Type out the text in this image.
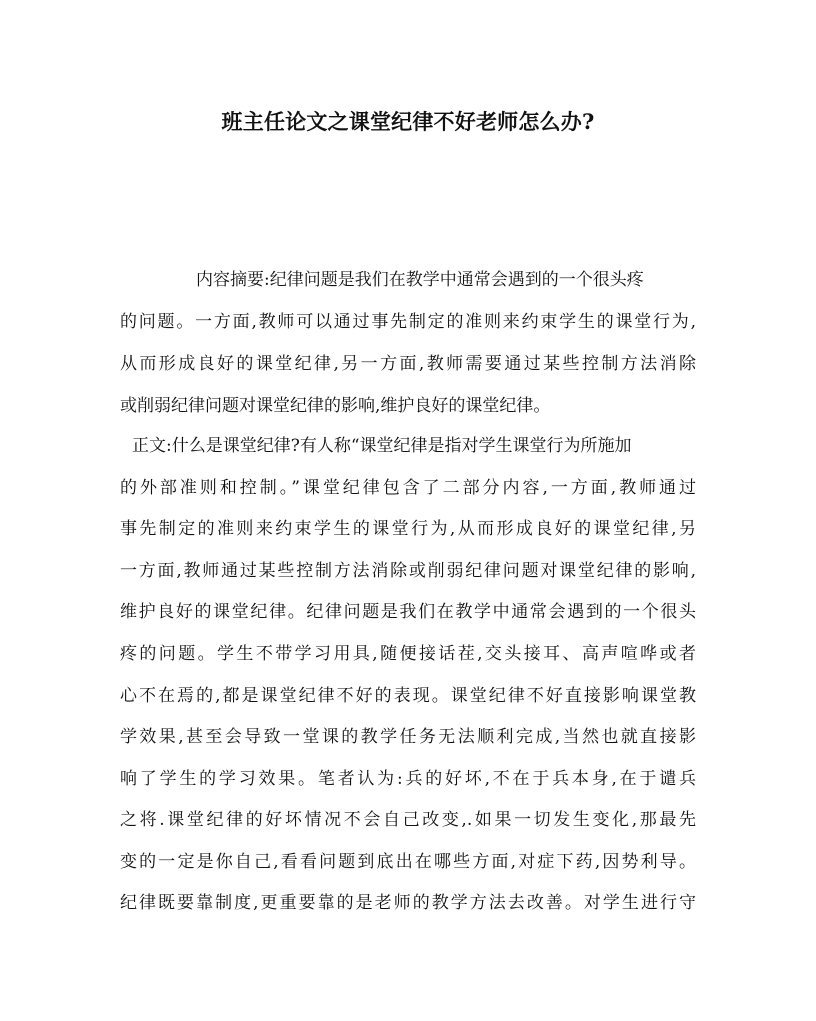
班主任论文之课堂纪律不好老师怎么办?
内容摘要:纪律问题是我们在教学中通常会遇到的一个很头疼
的问题。一方面,教师可以通过事先制定的准则来约束学生的课堂行为,
从而形成良好的课堂纪律,另一方面,教师需要通过某些控制方法消除
或削弱纪律问题对课堂纪律的影响,维护良好的课堂纪律。
正文:什么是课堂纪律?有人称“课堂纪律是指对学生课堂行为所施加
的外部准则和控制。”课堂纪律包含了二部分内容,一方面,教师通过
事先制定的准则来约束学生的课堂行为,从而形成良好的课堂纪律,另
一方面,教师通过某些控制方法消除或削弱纪律问题对课堂纪律的影响,
维护良好的课堂纪律。纪律问题是我们在教学中通常会遇到的一个很头
疼的问题。学生不带学习用具,随便接话茬,交头接耳、高声喧哗或者
心不在焉的,都是课堂纪律不好的表现。课堂纪律不好直接影响课堂教
学效果,甚至会导致一堂课的教学任务无法顺利完成,当然也就直接影
响了学生的学习效果。笔者认为:兵的好坏,不在于兵本身,在于谴兵
之将.课堂纪律的好坏情况不会自己改变,.如果一切发生变化,那最先
变的一定是你自己,看看问题到底出在哪些方面,对症下药,因势利导。
纪律既要靠制度,更重要靠的是老师的教学方法去改善。对学生进行守
